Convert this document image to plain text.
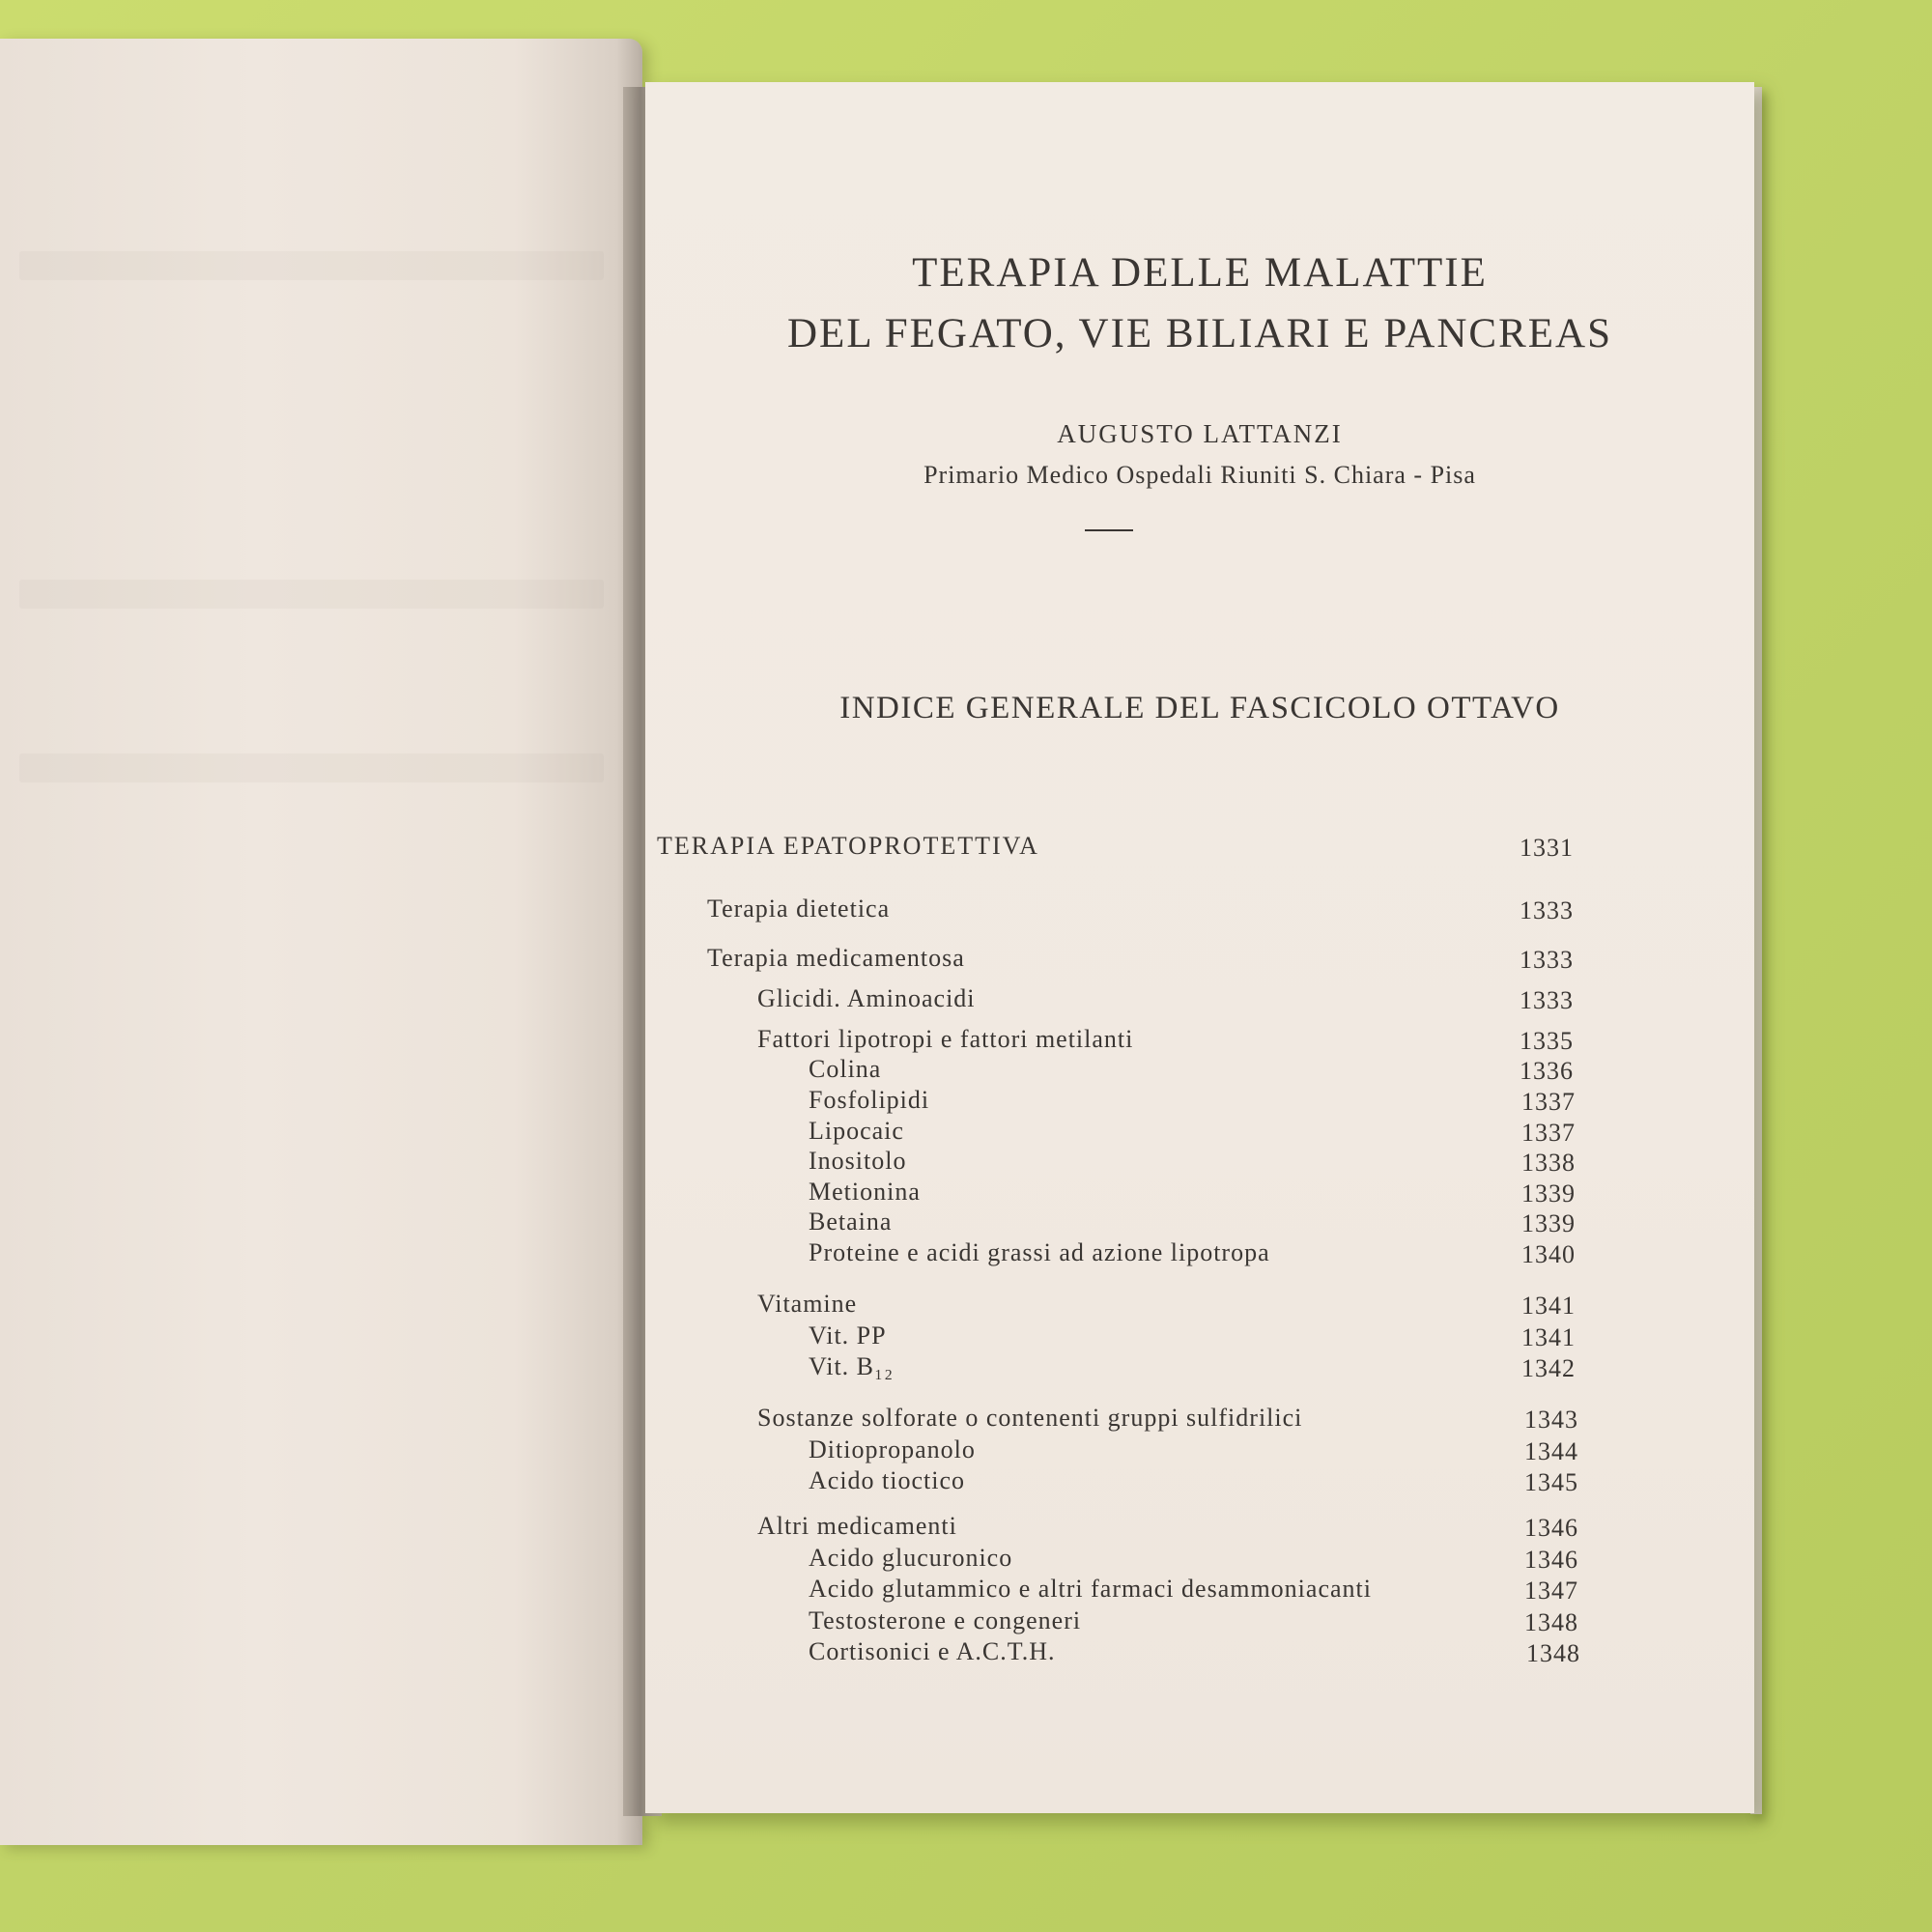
TERAPIA DELLE MALATTIE
DEL FEGATO, VIE BILIARI E PANCREAS
AUGUSTO LATTANZI
Primario Medico Ospedali Riuniti S. Chiara - Pisa
INDICE GENERALE DEL FASCICOLO OTTAVO
TERAPIA EPATOPROTETTIVA	1331
Terapia dietetica	1333
Terapia medicamentosa	1333
Glicidi. Aminoacidi	1333
Fattori lipotropi e fattori metilanti	1335
Colina	1336
Fosfolipidi	1337
Lipocaic	1337
Inositolo	1338
Metionina	1339
Betaina	1339
Proteine e acidi grassi ad azione lipotropa	1340
Vitamine	1341
Vit. PP	1341
Vit. B₁₂	1342
Sostanze solforate o contenenti gruppi sulfidrilici	1343
Ditiopropanolo	1344
Acido tioctico	1345
Altri medicamenti	1346
Acido glucuronico	1346
Acido glutammico e altri farmaci desammoniacanti	1347
Testosterone e congeneri	1348
Cortisonici e A.C.T.H.	1348
